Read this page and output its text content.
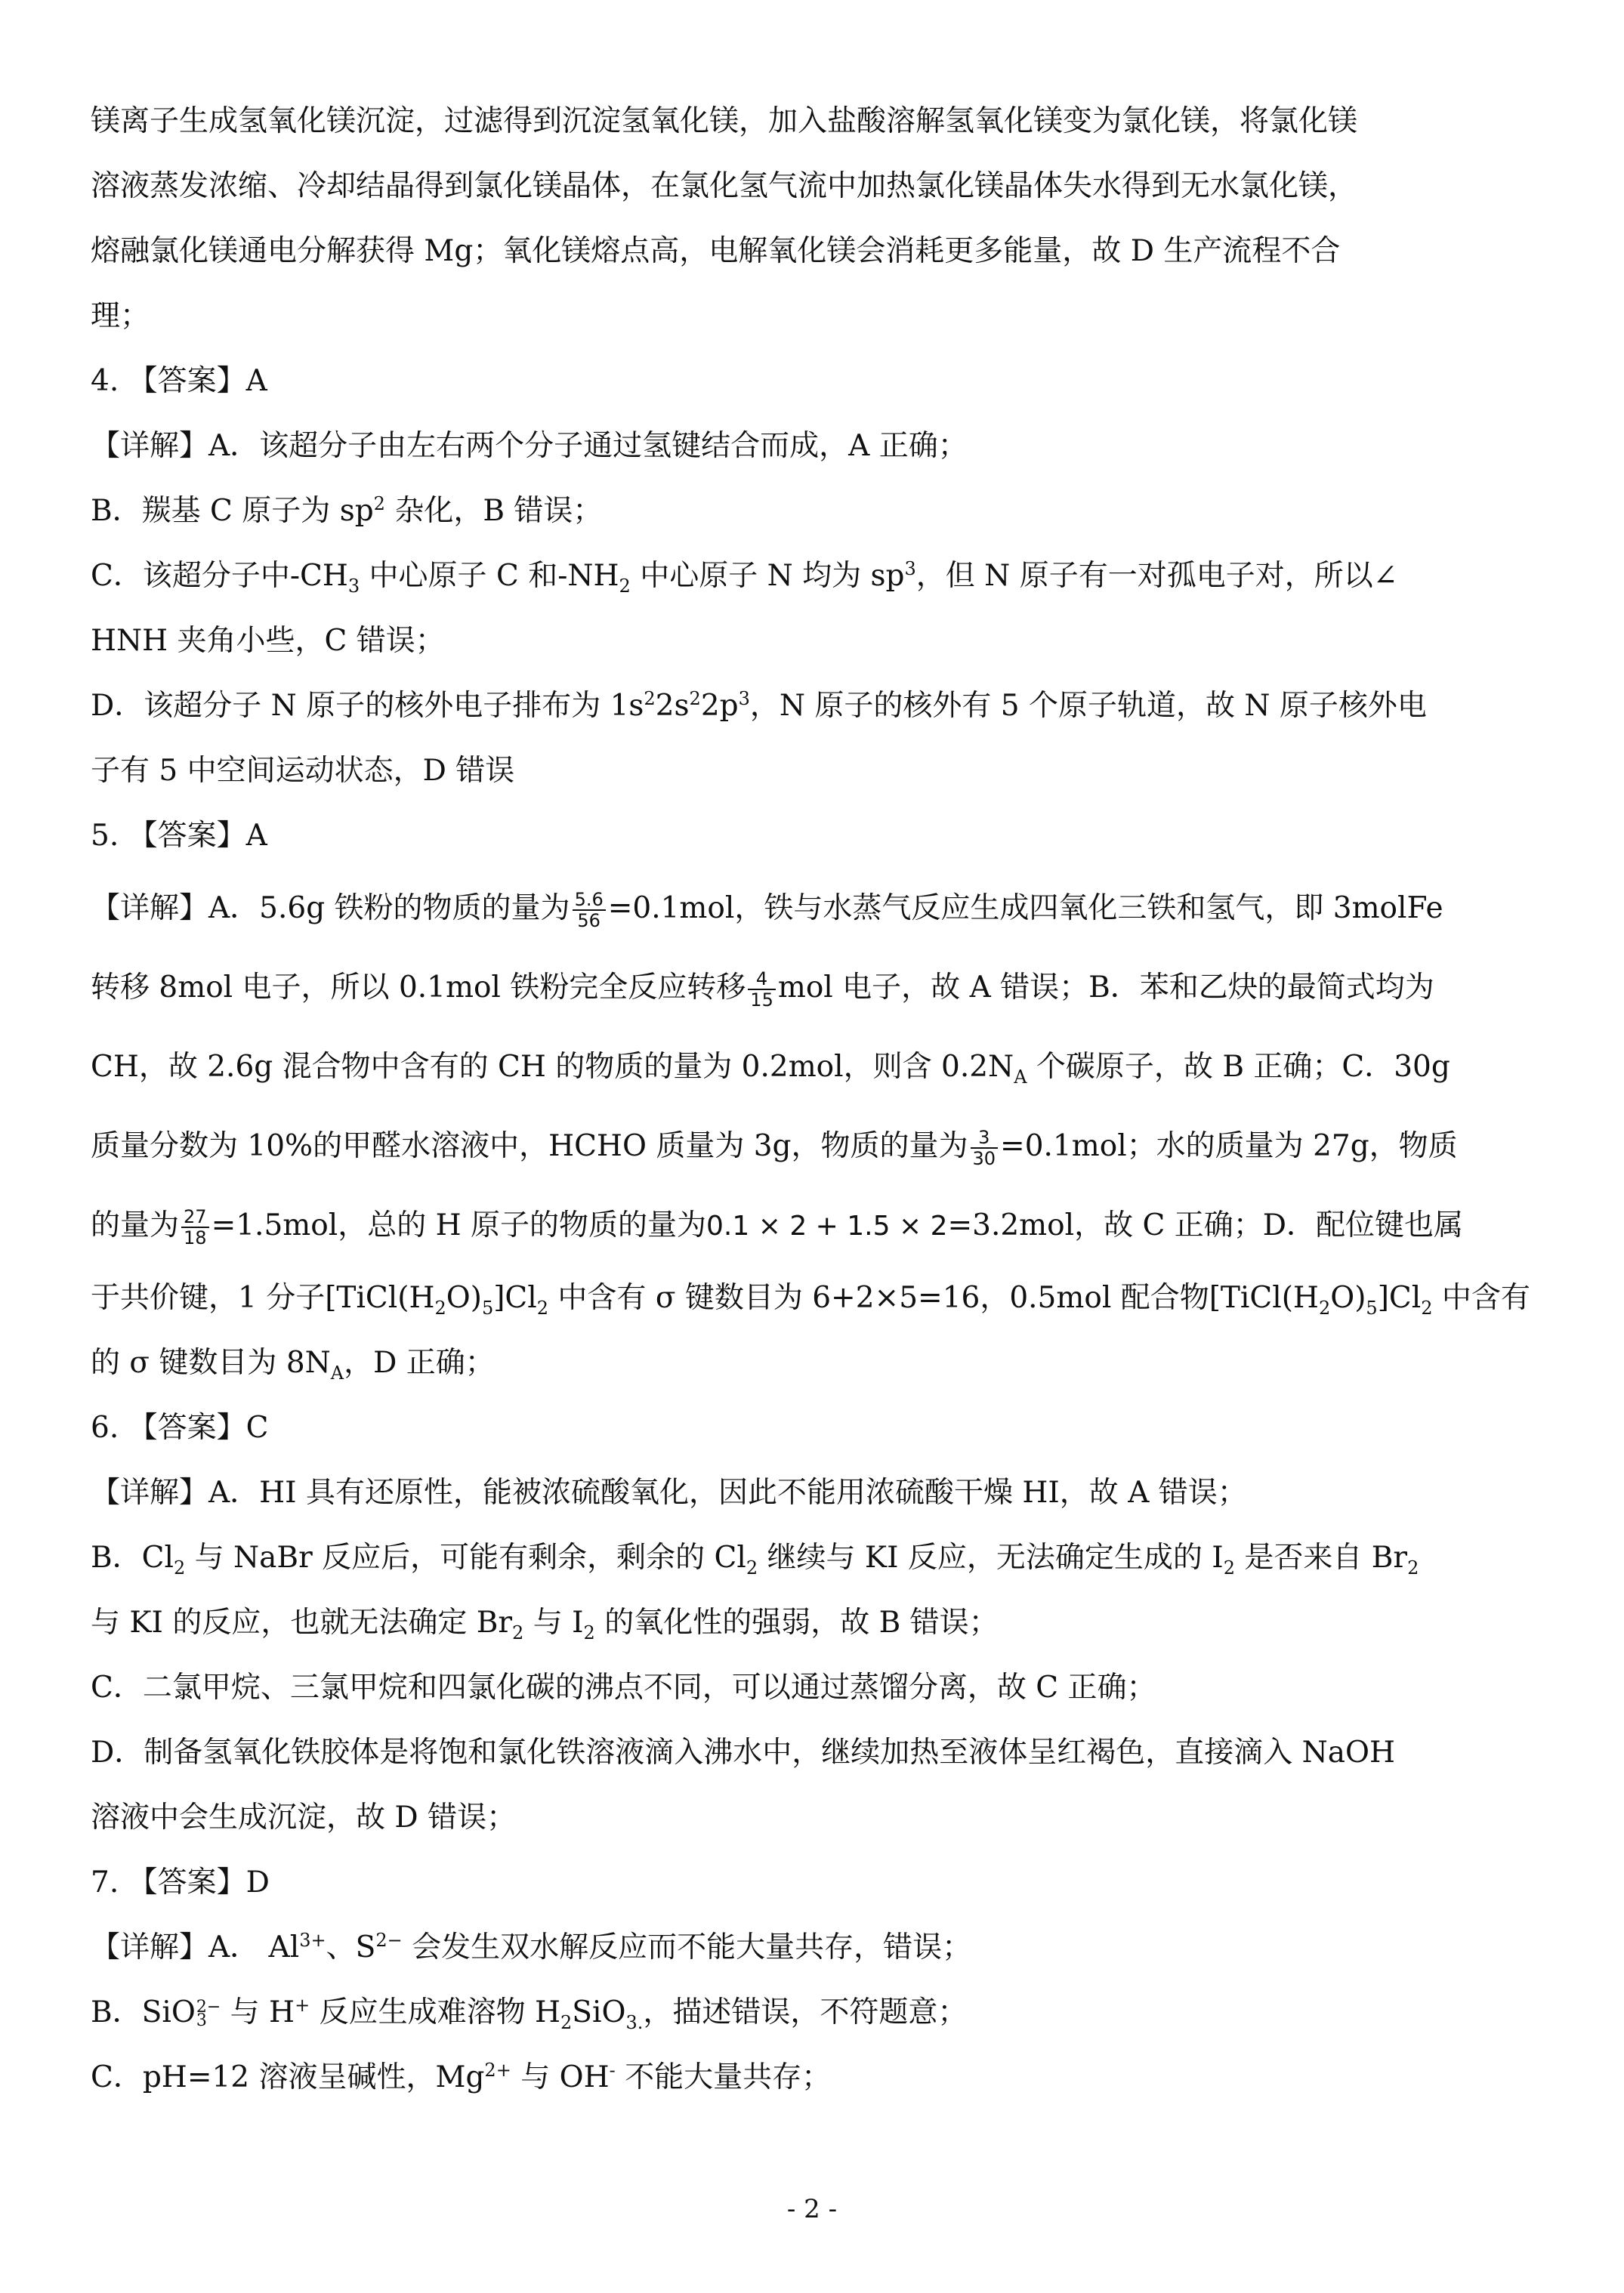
镁离子生成氢氧化镁沉淀，过滤得到沉淀氢氧化镁，加入盐酸溶解氢氧化镁变为氯化镁，将氯化镁

溶液蒸发浓缩、冷却结晶得到氯化镁晶体，在氯化氢气流中加热氯化镁晶体失水得到无水氯化镁，

熔融氯化镁通电分解获得 Mg；氧化镁熔点高，电解氧化镁会消耗更多能量，故 D 生产流程不合

理；

4. 【答案】A

【详解】A．该超分子由左右两个分子通过氢键结合而成，A 正确；

B．羰基 C 原子为 $sp^2$ 杂化，B 错误；

C．该超分子中$-CH_3$ 中心原子 C 和$-NH_2$ 中心原子 N 均为 $sp^3$，但 N 原子有一对孤电子对，所以∠

HNH 夹角小些，C 错误；

D．该超分子 N 原子的核外电子排布为 $1s^22s^22p^3$，N 原子的核外有 5 个原子轨道，故 N 原子核外电

子有 5 中空间运动状态，D 错误

5. 【答案】A

【详解】A．5.6g 铁粉的物质的量为 $\frac{5.6}{56} =0.1mol$，铁与水蒸气反应生成四氧化三铁和氢气，即 3molFe

转移 8mol 电子，所以 0.1mol 铁粉完全反应转移 $\frac{4}{15}$ mol 电子，故 A 错误；B．苯和乙炔的最简式均为

CH，故 2.6g 混合物中含有的 CH 的物质的量为 0.2mol，则含 $0.2N_A$ 个碳原子，故 B 正确；C．30g

质量分数为 10%的甲醛水溶液中，HCHO 质量为 3g，物质的量为 $\frac{3}{30} =0.1mol$；水的质量为 27g，物质

的量为 $\frac{27}{18} =1.5mol$，总的 H 原子的物质的量为0.1 × 2 + 1.5 × 2=3.2mol，故 C 正确；D．配位键也属

于共价键，1 分子$[TiCl(H_2O)_5]Cl_2$ 中含有 σ 键数目为 6+2×5=16，0.5mol 配合物$[TiCl(H_2O)_5]Cl_2$ 中含有

的 σ 键数目为 $8N_A$，D 正确；

6. 【答案】C

【详解】A．HI 具有还原性，能被浓硫酸氧化，因此不能用浓硫酸干燥 HI，故 A 错误；

B．$Cl_2$ 与 NaBr 反应后，可能有剩余，剩余的 $Cl_2$ 继续与 KI 反应，无法确定生成的 $I_2$ 是否来自 $Br_2$

与 KI 的反应，也就无法确定 $Br_2$ 与 $I_2$ 的氧化性的强弱，故 B 错误；

C．二氯甲烷、三氯甲烷和四氯化碳的沸点不同，可以通过蒸馏分离，故 C 正确；

D．制备氢氧化铁胶体是将饱和氯化铁溶液滴入沸水中，继续加热至液体呈红褐色，直接滴入 NaOH

溶液中会生成沉淀，故 D 错误；

7. 【答案】D

【详解】A． $Al^{3+}$、$S^{2-}$ 会发生双水解反应而不能大量共存，错误；

B．SiO 2−
3 与 H+ 反应生成难溶物 $H_2SiO_{3.}$，描述错误，不符题意；

C．pH=12 溶液呈碱性，$Mg^{2+}$ 与 OH- 不能大量共存；

- 2 -
